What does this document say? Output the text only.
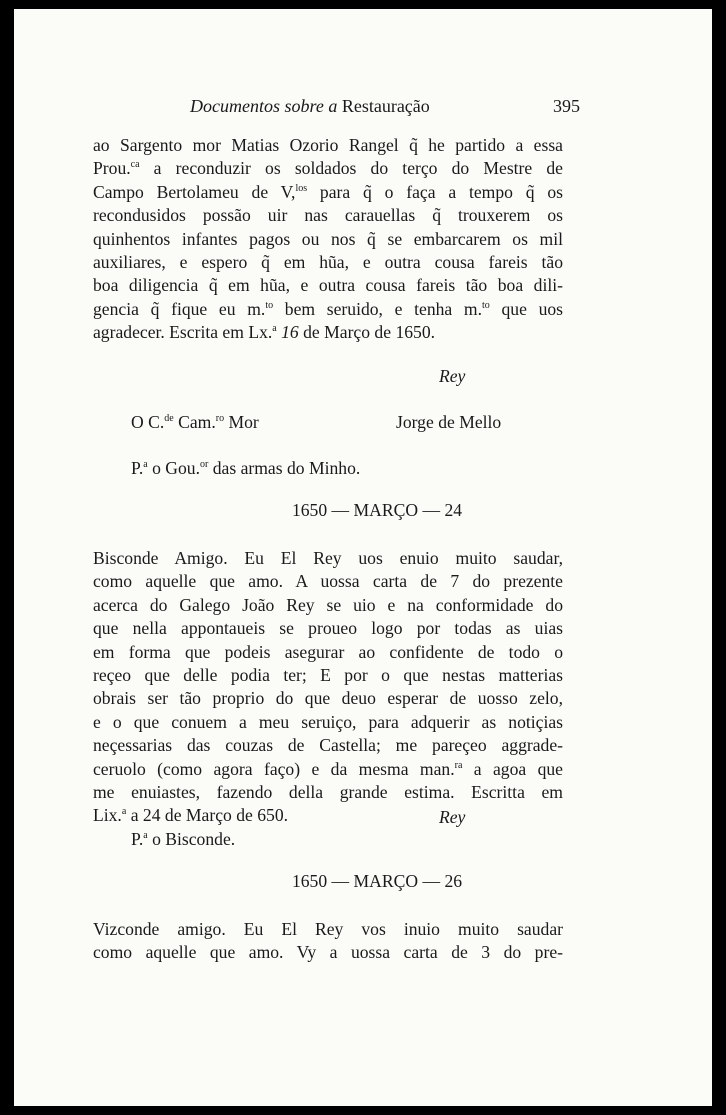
Documentos sobre a Restauração	395
ao Sargento mor Matias Ozorio Rangel q̃ he partido a essa
Prou.$^{ca}$ a reconduzir os soldados do terço do Mestre de
Campo Bertolameu de V,$^{los}$ para q̃ o faça a tempo q̃ os
recondusidos possão uir nas carauellas q̃ trouxerem os
quinhentos infantes pagos ou nos q̃ se embarcarem os mil
auxiliares, e espero q̃ em hũa, e outra cousa fareis tão
boa diligencia q̃ em hũa, e outra cousa fareis tão boa dili-
gencia q̃ fique eu m.$^{to}$ bem seruido, e tenha m.$^{to}$ que uos
agradecer. Escrita em Lx.$^a$ 16 de Março de 1650.
Rey
O C.$^{de}$ Cam.$^{ro}$ Mor	Jorge de Mello
P.$^a$ o Gou.$^{or}$ das armas do Minho.
1650 — MARÇO — 24
Bisconde Amigo. Eu El Rey uos enuio muito saudar,
como aquelle que amo. A uossa carta de 7 do prezente
acerca do Galego João Rey se uio e na conformidade do
que nella appontaueis se proueo logo por todas as uias
em forma que podeis asegurar ao confidente de todo o
reçeo que delle podia ter; E por o que nestas matterias
obrais ser tão proprio do que deuo esperar de uosso zelo,
e o que conuem a meu seruiço, para adquerir as notiçias
neçessarias das couzas de Castella; me pareçeo aggrade-
ceruolo (como agora faço) e da mesma man.$^{ra}$ a agoa que
me enuiastes, fazendo della grande estima. Escritta em
Lix.$^a$ a 24 de Março de 650.	Rey
P.$^a$ o Bisconde.
1650 — MARÇO — 26
Vizconde amigo. Eu El Rey vos inuio muito saudar
como aquelle que amo. Vy a uossa carta de 3 do pre-
